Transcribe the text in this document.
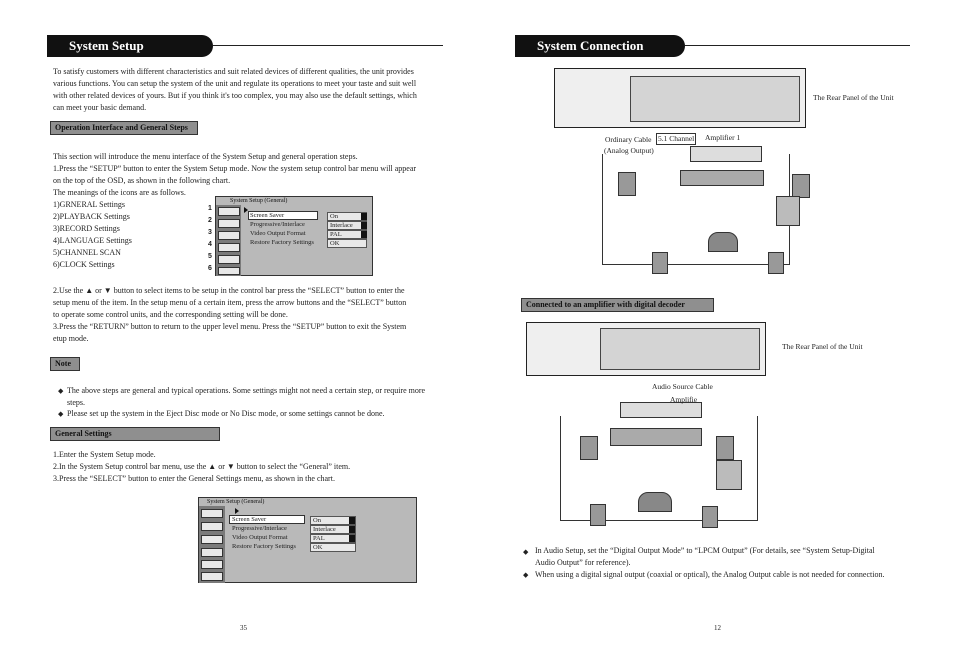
System Setup
To satisfy customers with different characteristics and suit related devices of different qualities, the unit provides
various functions. You can setup the system of the unit and regulate its operations to meet your taste and suit well
with other related devices of yours. But if you think it's too complex, you may also use the default settings, which
can meet your basic demand.
Operation Interface and General Steps
This section will introduce the menu interface of the System Setup and general operation steps.
1.Press the “SETUP” button to enter the System Setup mode. Now the system setup control bar menu will appear
on the top of the OSD, as shown in the following chart.
The meanings of the icons are as follows.
1)GRNERAL Settings
2)PLAYBACK Settings
3)RECORD Settings
4)LANGUAGE Settings
5)CHANNEL SCAN
6)CLOCK Settings
1
2
3
4
5
6
System Setup (General)
Screen Saver
Progressive/Interlace
Video Output Format
Restore Factory Settings
On
Interlace
PAL
OK
2.Use the ▲ or ▼ button to select items to be setup in the control bar press the “SELECT” button to enter the
setup menu of the item. In the setup menu of a certain item, press the arrow buttons and the “SELECT” button
to operate some control units, and the corresponding setting will be done.
3.Press the “RETURN” button to return to the upper level menu. Press the “SETUP” button to exit the System
etup mode.
Note
◆ The above steps are general and typical operations. Some settings might not need a certain step, or require more
steps.
◆ Please set up the system in the Eject Disc mode or No Disc mode, or some settings cannot be done.
General Settings
1.Enter the System Setup mode.
2.In the System Setup control bar menu, use the ▲ or ▼ button to select the “General” item.
3.Press the “SELECT” button to enter the General Settings menu, as shown in the chart.
System Setup (General)
Screen Saver
Progressive/Interlace
Video Output Format
Restore Factory Settings
On
Interlace
PAL
OK
35
System Connection
The Rear Panel of the Unit
Ordinary Cable
(Analog Output)
5.1 Channel Amplifier 1
Connected to an amplifier with digital decoder
The Rear Panel of the Unit
Audio Source Cable
Amplifie
◆ In Audio Setup, set the “Digital Output Mode” to “LPCM Output” (For details, see “System Setup-Digital
Audio Output” for reference).
◆ When using a digital signal output (coaxial or optical), the Analog Output cable is not needed for connection.
12
